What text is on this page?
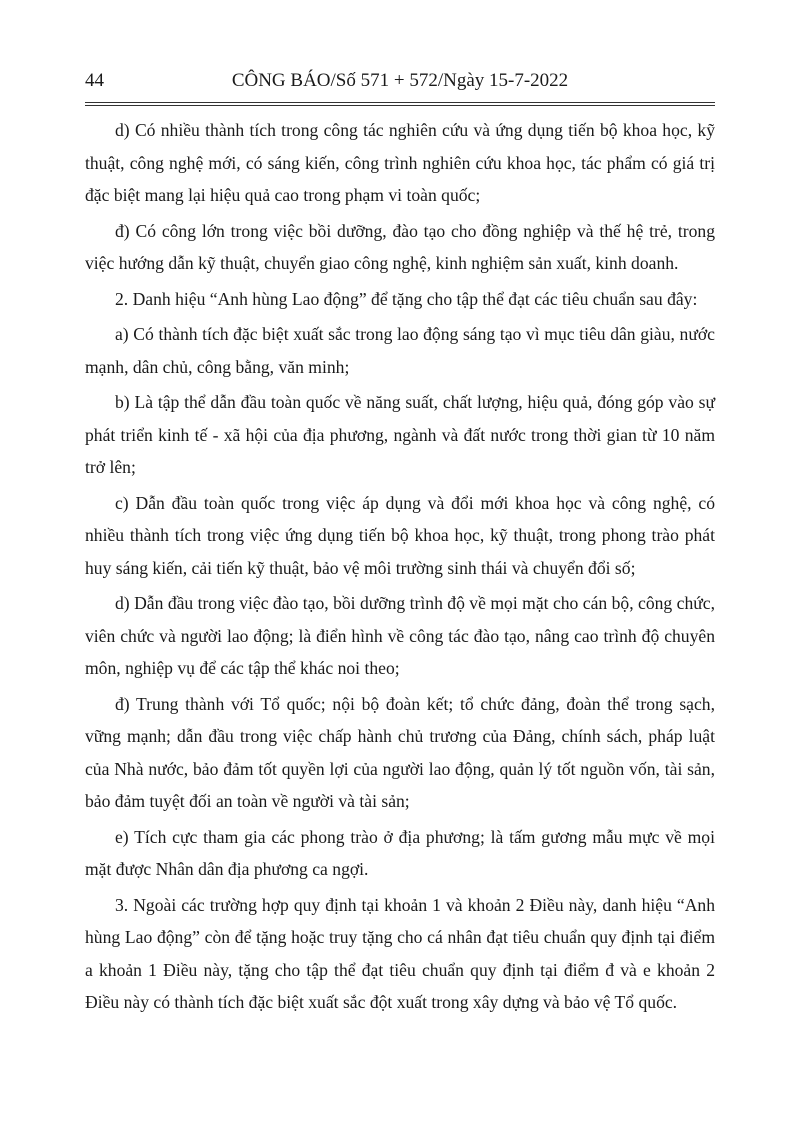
44	CÔNG BÁO/Số 571 + 572/Ngày 15-7-2022

d) Có nhiều thành tích trong công tác nghiên cứu và ứng dụng tiến bộ khoa học, kỹ thuật, công nghệ mới, có sáng kiến, công trình nghiên cứu khoa học, tác phẩm có giá trị đặc biệt mang lại hiệu quả cao trong phạm vi toàn quốc;

đ) Có công lớn trong việc bồi dưỡng, đào tạo cho đồng nghiệp và thế hệ trẻ, trong việc hướng dẫn kỹ thuật, chuyển giao công nghệ, kinh nghiệm sản xuất, kinh doanh.

2. Danh hiệu “Anh hùng Lao động” để tặng cho tập thể đạt các tiêu chuẩn sau đây:

a) Có thành tích đặc biệt xuất sắc trong lao động sáng tạo vì mục tiêu dân giàu, nước mạnh, dân chủ, công bằng, văn minh;

b) Là tập thể dẫn đầu toàn quốc về năng suất, chất lượng, hiệu quả, đóng góp vào sự phát triển kinh tế - xã hội của địa phương, ngành và đất nước trong thời gian từ 10 năm trở lên;

c) Dẫn đầu toàn quốc trong việc áp dụng và đổi mới khoa học và công nghệ, có nhiều thành tích trong việc ứng dụng tiến bộ khoa học, kỹ thuật, trong phong trào phát huy sáng kiến, cải tiến kỹ thuật, bảo vệ môi trường sinh thái và chuyển đổi số;

d) Dẫn đầu trong việc đào tạo, bồi dưỡng trình độ về mọi mặt cho cán bộ, công chức, viên chức và người lao động; là điển hình về công tác đào tạo, nâng cao trình độ chuyên môn, nghiệp vụ để các tập thể khác noi theo;

đ) Trung thành với Tổ quốc; nội bộ đoàn kết; tổ chức đảng, đoàn thể trong sạch, vững mạnh; dẫn đầu trong việc chấp hành chủ trương của Đảng, chính sách, pháp luật của Nhà nước, bảo đảm tốt quyền lợi của người lao động, quản lý tốt nguồn vốn, tài sản, bảo đảm tuyệt đối an toàn về người và tài sản;

e) Tích cực tham gia các phong trào ở địa phương; là tấm gương mẫu mực về mọi mặt được Nhân dân địa phương ca ngợi.

3. Ngoài các trường hợp quy định tại khoản 1 và khoản 2 Điều này, danh hiệu “Anh hùng Lao động” còn để tặng hoặc truy tặng cho cá nhân đạt tiêu chuẩn quy định tại điểm a khoản 1 Điều này, tặng cho tập thể đạt tiêu chuẩn quy định tại điểm đ và e khoản 2 Điều này có thành tích đặc biệt xuất sắc đột xuất trong xây dựng và bảo vệ Tổ quốc.
